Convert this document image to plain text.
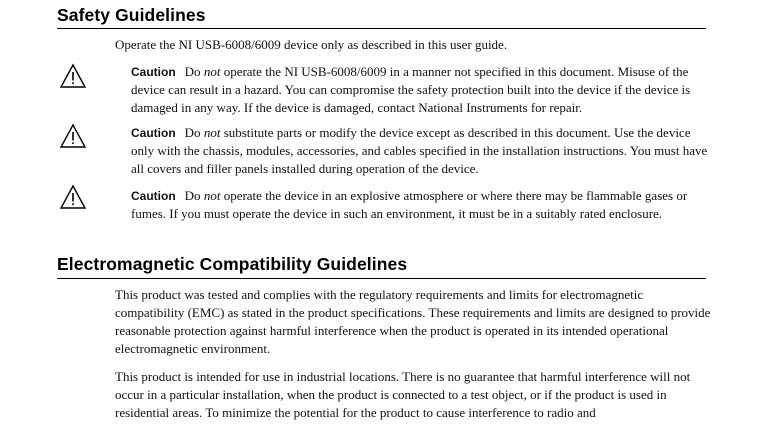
Safety Guidelines

Operate the NI USB-6008/6009 device only as described in this user guide.

Caution Do not operate the NI USB-6008/6009 in a manner not specified in this document. Misuse of the device can result in a hazard. You can compromise the safety protection built into the device if the device is damaged in any way. If the device is damaged, contact National Instruments for repair.

Caution Do not substitute parts or modify the device except as described in this document. Use the device only with the chassis, modules, accessories, and cables specified in the installation instructions. You must have all covers and filler panels installed during operation of the device.

Caution Do not operate the device in an explosive atmosphere or where there may be flammable gases or fumes. If you must operate the device in such an environment, it must be in a suitably rated enclosure.

Electromagnetic Compatibility Guidelines

This product was tested and complies with the regulatory requirements and limits for electromagnetic compatibility (EMC) as stated in the product specifications. These requirements and limits are designed to provide reasonable protection against harmful interference when the product is operated in its intended operational electromagnetic environment.

This product is intended for use in industrial locations. There is no guarantee that harmful interference will not occur in a particular installation, when the product is connected to a test object, or if the product is used in residential areas. To minimize the potential for the product to cause interference to radio and
